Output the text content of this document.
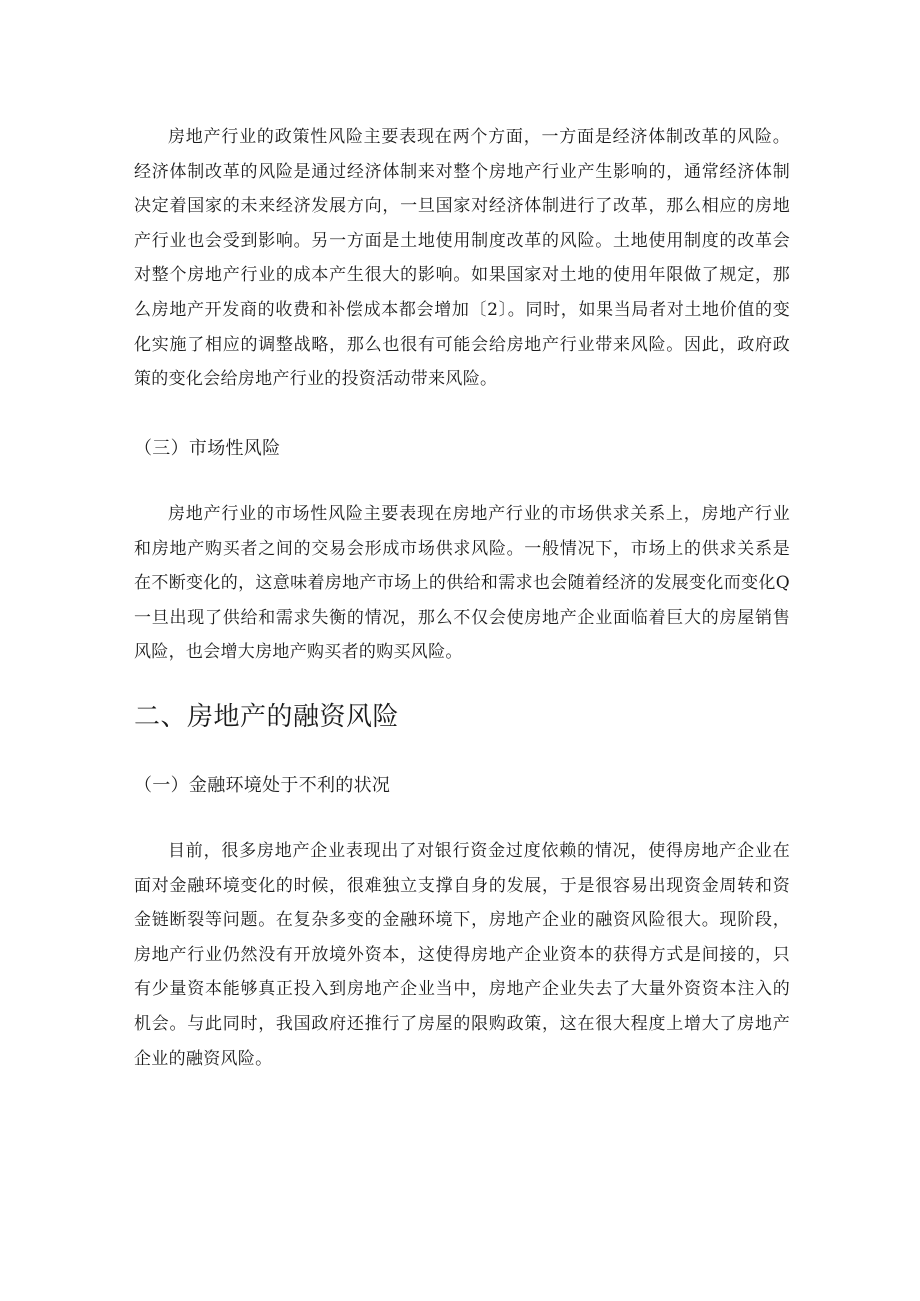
房地产行业的政策性风险主要表现在两个方面，一方面是经济体制改革的风险。经济体制改革的风险是通过经济体制来对整个房地产行业产生影响的，通常经济体制决定着国家的未来经济发展方向，一旦国家对经济体制进行了改革，那么相应的房地产行业也会受到影响。另一方面是土地使用制度改革的风险。土地使用制度的改革会对整个房地产行业的成本产生很大的影响。如果国家对土地的使用年限做了规定，那么房地产开发商的收费和补偿成本都会增加〔2〕。同时，如果当局者对土地价值的变化实施了相应的调整战略，那么也很有可能会给房地产行业带来风险。因此，政府政策的变化会给房地产行业的投资活动带来风险。

（三）市场性风险

房地产行业的市场性风险主要表现在房地产行业的市场供求关系上，房地产行业和房地产购买者之间的交易会形成市场供求风险。一般情况下，市场上的供求关系是在不断变化的，这意味着房地产市场上的供给和需求也会随着经济的发展变化而变化Q一旦出现了供给和需求失衡的情况，那么不仅会使房地产企业面临着巨大的房屋销售风险，也会增大房地产购买者的购买风险。

二、房地产的融资风险

（一）金融环境处于不利的状况

目前，很多房地产企业表现出了对银行资金过度依赖的情况，使得房地产企业在面对金融环境变化的时候，很难独立支撑自身的发展，于是很容易出现资金周转和资金链断裂等问题。在复杂多变的金融环境下，房地产企业的融资风险很大。现阶段，房地产行业仍然没有开放境外资本，这使得房地产企业资本的获得方式是间接的，只有少量资本能够真正投入到房地产企业当中，房地产企业失去了大量外资资本注入的机会。与此同时，我国政府还推行了房屋的限购政策，这在很大程度上增大了房地产企业的融资风险。
